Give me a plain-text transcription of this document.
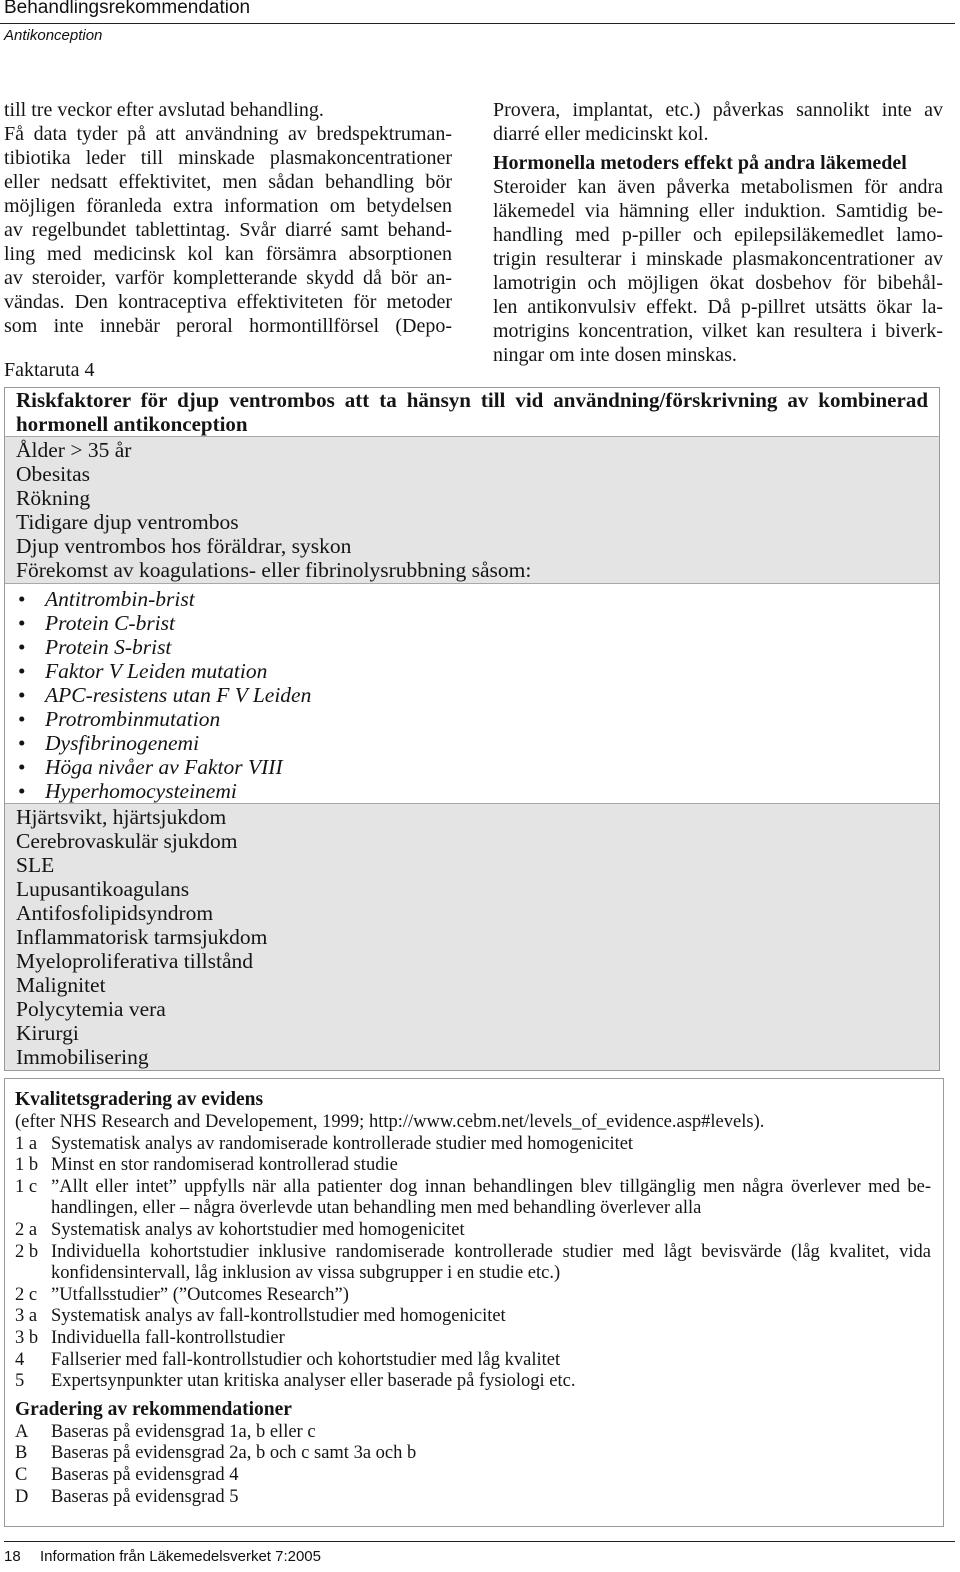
Behandlingsrekommendation
Antikonception
till tre veckor efter avslutad behandling.
Få data tyder på att användning av bredspektruman-
tibiotika leder till minskade plasmakoncentrationer
eller nedsatt effektivitet, men sådan behandling bör
möjligen föranleda extra information om betydelsen
av regelbundet tablettintag. Svår diarré samt behand-
ling med medicinsk kol kan försämra absorptionen
av steroider, varför kompletterande skydd då bör an-
vändas. Den kontraceptiva effektiviteten för metoder
som inte innebär peroral hormontillförsel (Depo-
Provera, implantat, etc.) påverkas sannolikt inte av
diarré eller medicinskt kol.
Hormonella metoders effekt på andra läkemedel
Steroider kan även påverka metabolismen för andra
läkemedel via hämning eller induktion. Samtidig be-
handling med p-piller och epilepsiläkemedlet lamo-
trigin resulterar i minskade plasmakoncentrationer av
lamotrigin och möjligen ökat dosbehov för bibehål-
len antikonvulsiv effekt. Då p-pillret utsätts ökar la-
motrigins koncentration, vilket kan resultera i biverk-
ningar om inte dosen minskas.
Faktaruta 4
Riskfaktorer för djup ventrombos att ta hänsyn till vid användning/förskrivning av kombinerad
hormonell antikonception
Ålder > 35 år
Obesitas
Rökning
Tidigare djup ventrombos
Djup ventrombos hos föräldrar, syskon
Förekomst av koagulations- eller fibrinolysrubbning såsom:
•
Antitrombin-brist
•
Protein C-brist
•
Protein S-brist
•
Faktor V Leiden mutation
•
APC-resistens utan F V Leiden
•
Protrombinmutation
•
Dysfibrinogenemi
•
Höga nivåer av Faktor VIII
•
Hyperhomocysteinemi
Hjärtsvikt, hjärtsjukdom
Cerebrovaskulär sjukdom
SLE
Lupusantikoagulans
Antifosfolipidsyndrom
Inflammatorisk tarmsjukdom
Myeloproliferativa tillstånd
Malignitet
Polycytemia vera
Kirurgi
Immobilisering
Kvalitetsgradering av evidens
(efter NHS Research and Developement, 1999; http://www.cebm.net/levels_of_evidence.asp#levels).
1 a Systematisk analys av randomiserade kontrollerade studier med homogenicitet
1 b Minst en stor randomiserad kontrollerad studie
1 c ”Allt eller intet” uppfylls när alla patienter dog innan behandlingen blev tillgänglig men några överlever med be-
handlingen, eller – några överlevde utan behandling men med behandling överlever alla
2 a Systematisk analys av kohortstudier med homogenicitet
2 b Individuella kohortstudier inklusive randomiserade kontrollerade studier med lågt bevisvärde (låg kvalitet, vida
konfidensintervall, låg inklusion av vissa subgrupper i en studie etc.)
2 c ”Utfallsstudier” (”Outcomes Research”)
3 a Systematisk analys av fall-kontrollstudier med homogenicitet
3 b Individuella fall-kontrollstudier
4	Fallserier med fall-kontrollstudier och kohortstudier med låg kvalitet
5	Expertsynpunkter utan kritiska analyser eller baserade på fysiologi etc.
Gradering av rekommendationer
A	Baseras på evidensgrad 1a, b eller c
B	Baseras på evidensgrad 2a, b och c samt 3a och b
C	Baseras på evidensgrad 4
D	Baseras på evidensgrad 5
18 Information från Läkemedelsverket 7:2005
